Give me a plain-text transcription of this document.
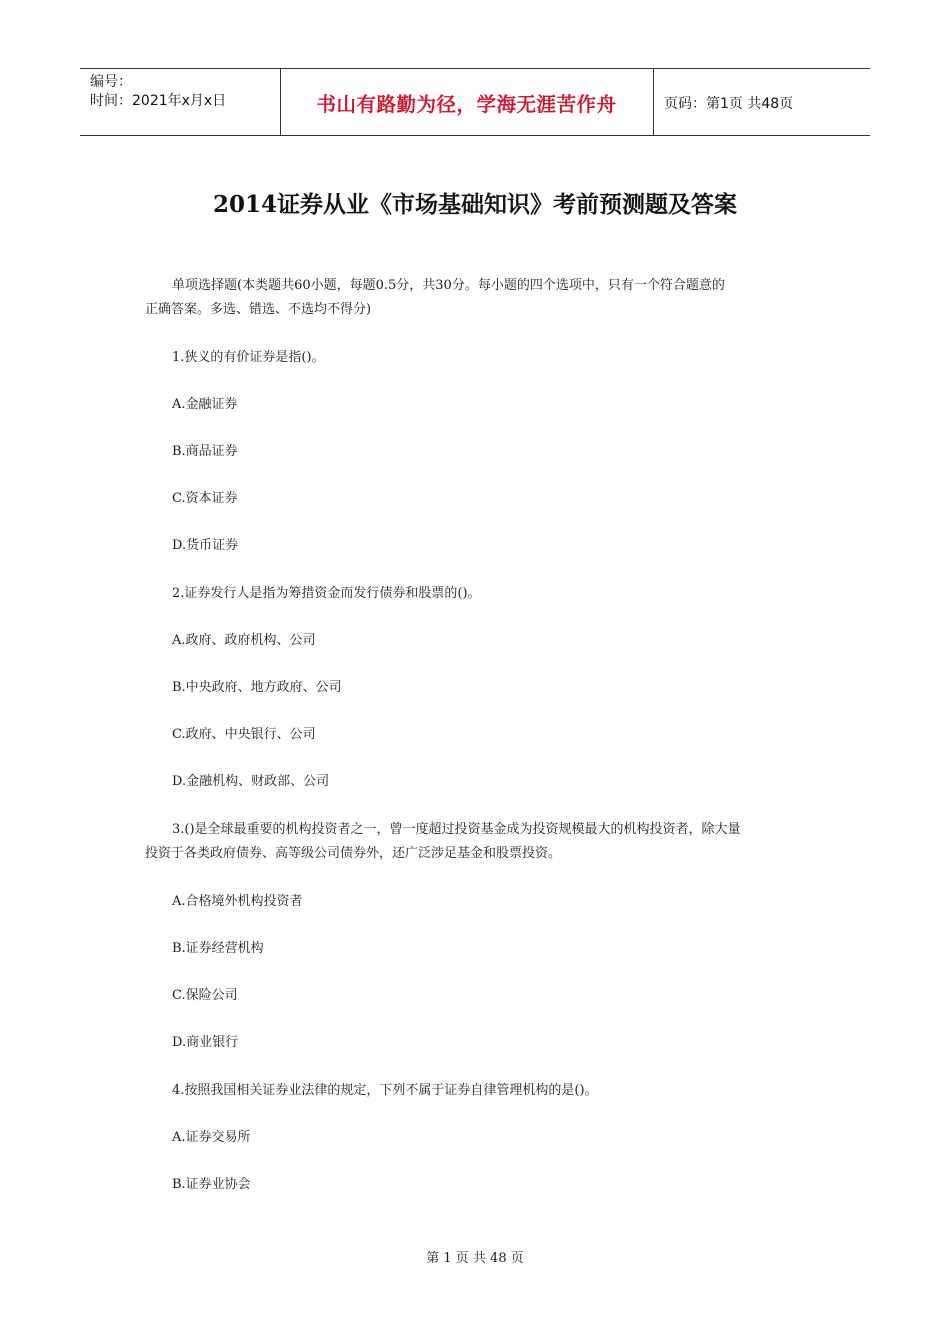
编号：
时间：2021年x月x日	书山有路勤为径，学海无涯苦作舟	页码：第1页 共48页
2014证券从业《市场基础知识》考前预测题及答案
单项选择题(本类题共60小题，每题0.5分，共30分。每小题的四个选项中，只有一个符合题意的
正确答案。多选、错选、不选均不得分)
1.狭义的有价证券是指()。
A.金融证券
B.商品证券
C.资本证券
D.货币证券
2.证券发行人是指为筹措资金而发行债券和股票的()。
A.政府、政府机构、公司
B.中央政府、地方政府、公司
C.政府、中央银行、公司
D.金融机构、财政部、公司
3.()是全球最重要的机构投资者之一，曾一度超过投资基金成为投资规模最大的机构投资者，除大量
投资于各类政府债券、高等级公司债券外，还广泛涉足基金和股票投资。
A.合格境外机构投资者
B.证券经营机构
C.保险公司
D.商业银行
4.按照我国相关证券业法律的规定，下列不属于证券自律管理机构的是()。
A.证券交易所
B.证券业协会
第 1 页 共 48 页
